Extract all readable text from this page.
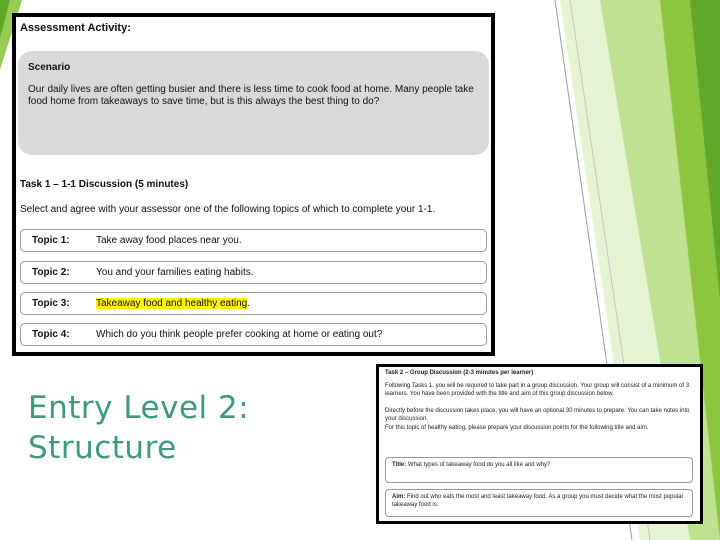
Entry Level 2:
Structure
Assessment Activity:
Scenario
Our daily lives are often getting busier and there is less time to cook food at home. Many people take food home from takeaways to save time, but is this always the best thing to do?
Task 1 – 1-1 Discussion (5 minutes)
Select and agree with your assessor one of the following topics of which to complete your 1-1.
Topic 1:	Take away food places near you.
Topic 2:	You and your families eating habits.
Topic 3:	Takeaway food and healthy eating.
Topic 4:	Which do you think people prefer cooking at home or eating out?
Task 2 – Group Discussion (2-3 minutes per learner)
Following Tasks 1, you will be required to take part in a group discussion. Your group will consist of a minimum of 3 learners. You have been provided with the title and aim of this group discussion below.
Directly before the discussion takes place, you will have an optional 30 minutes to prepare. You can take notes into your discussion.
For this topic of healthy eating, please prepare your discussion points for the following title and aim.
Title: What types of takeaway food do you all like and why?
Aim: Find out who eats the most and least takeaway food. As a group you must decide what the most popular takeaway food is.
